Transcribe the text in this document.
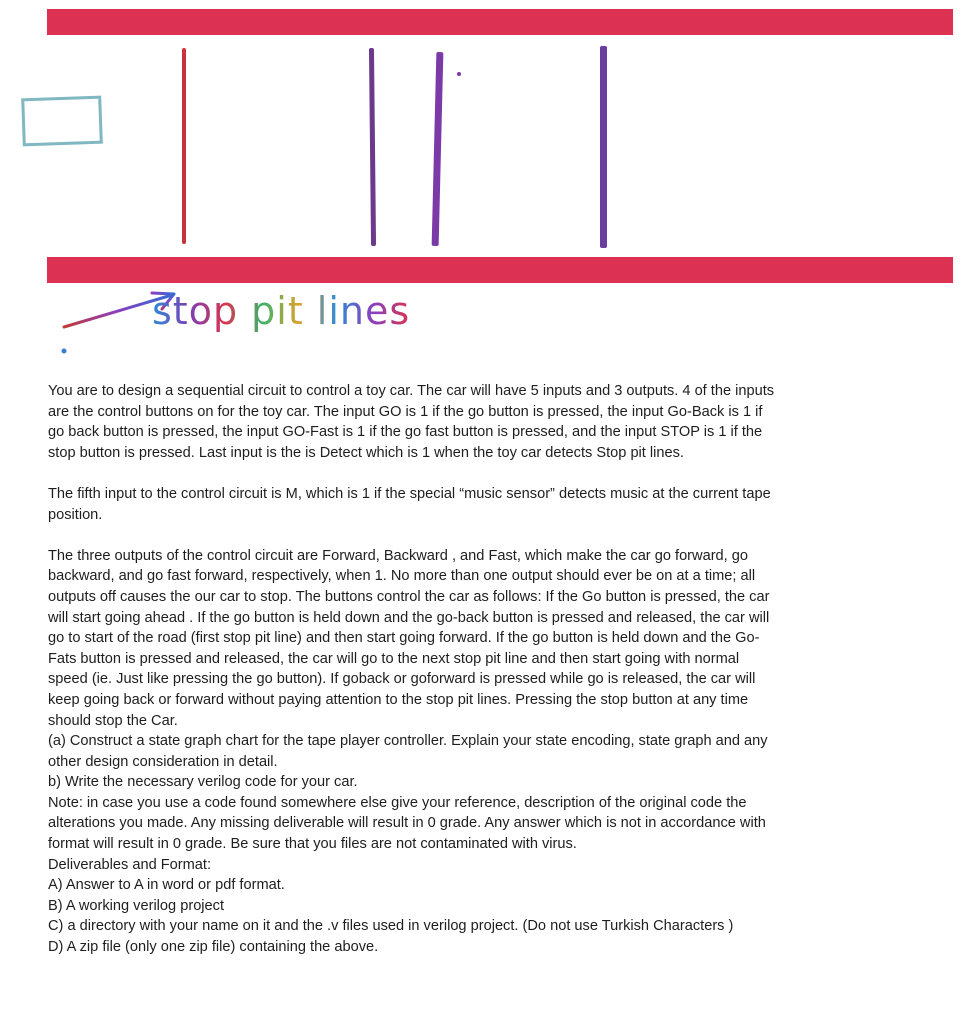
stop pit lines

You are to design a sequential circuit to control a toy car. The car will have 5 inputs and 3 outputs. 4 of the inputs are the control buttons on for the toy car. The input GO is 1 if the go button is pressed, the input Go-Back is 1 if go back button is pressed, the input GO-Fast is 1 if the go fast button is pressed, and the input STOP is 1 if the stop button is pressed. Last input is the is Detect which is 1 when the toy car detects Stop pit lines.

The fifth input to the control circuit is M, which is 1 if the special “music sensor” detects music at the current tape position.

The three outputs of the control circuit are Forward, Backward , and Fast, which make the car go forward, go backward, and go fast forward, respectively, when 1. No more than one output should ever be on at a time; all outputs off causes the our car to stop. The buttons control the car as follows: If the Go button is pressed, the car will start going ahead . If the go button is held down and the go-back button is pressed and released, the car will go to start of the road (first stop pit line) and then start going forward. If the go button is held down and the Go-Fats button is pressed and released, the car will go to the next stop pit line and then start going with normal speed (ie. Just like pressing the go button). If goback or goforward is pressed while go is released, the car will keep going back or forward without paying attention to the stop pit lines. Pressing the stop button at any time should stop the Car.

(a) Construct a state graph chart for the tape player controller. Explain your state encoding, state graph and any other design consideration in detail.

b) Write the necessary verilog code for your car.

Note: in case you use a code found somewhere else give your reference, description of the original code the alterations you made. Any missing deliverable will result in 0 grade. Any answer which is not in accordance with format will result in 0 grade. Be sure that you files are not contaminated with virus.

Deliverables and Format:

A) Answer to A in word or pdf format.

B) A working verilog project

C) a directory with your name on it and the .v files used in verilog project. (Do not use Turkish Characters )

D) A zip file (only one zip file) containing the above.
